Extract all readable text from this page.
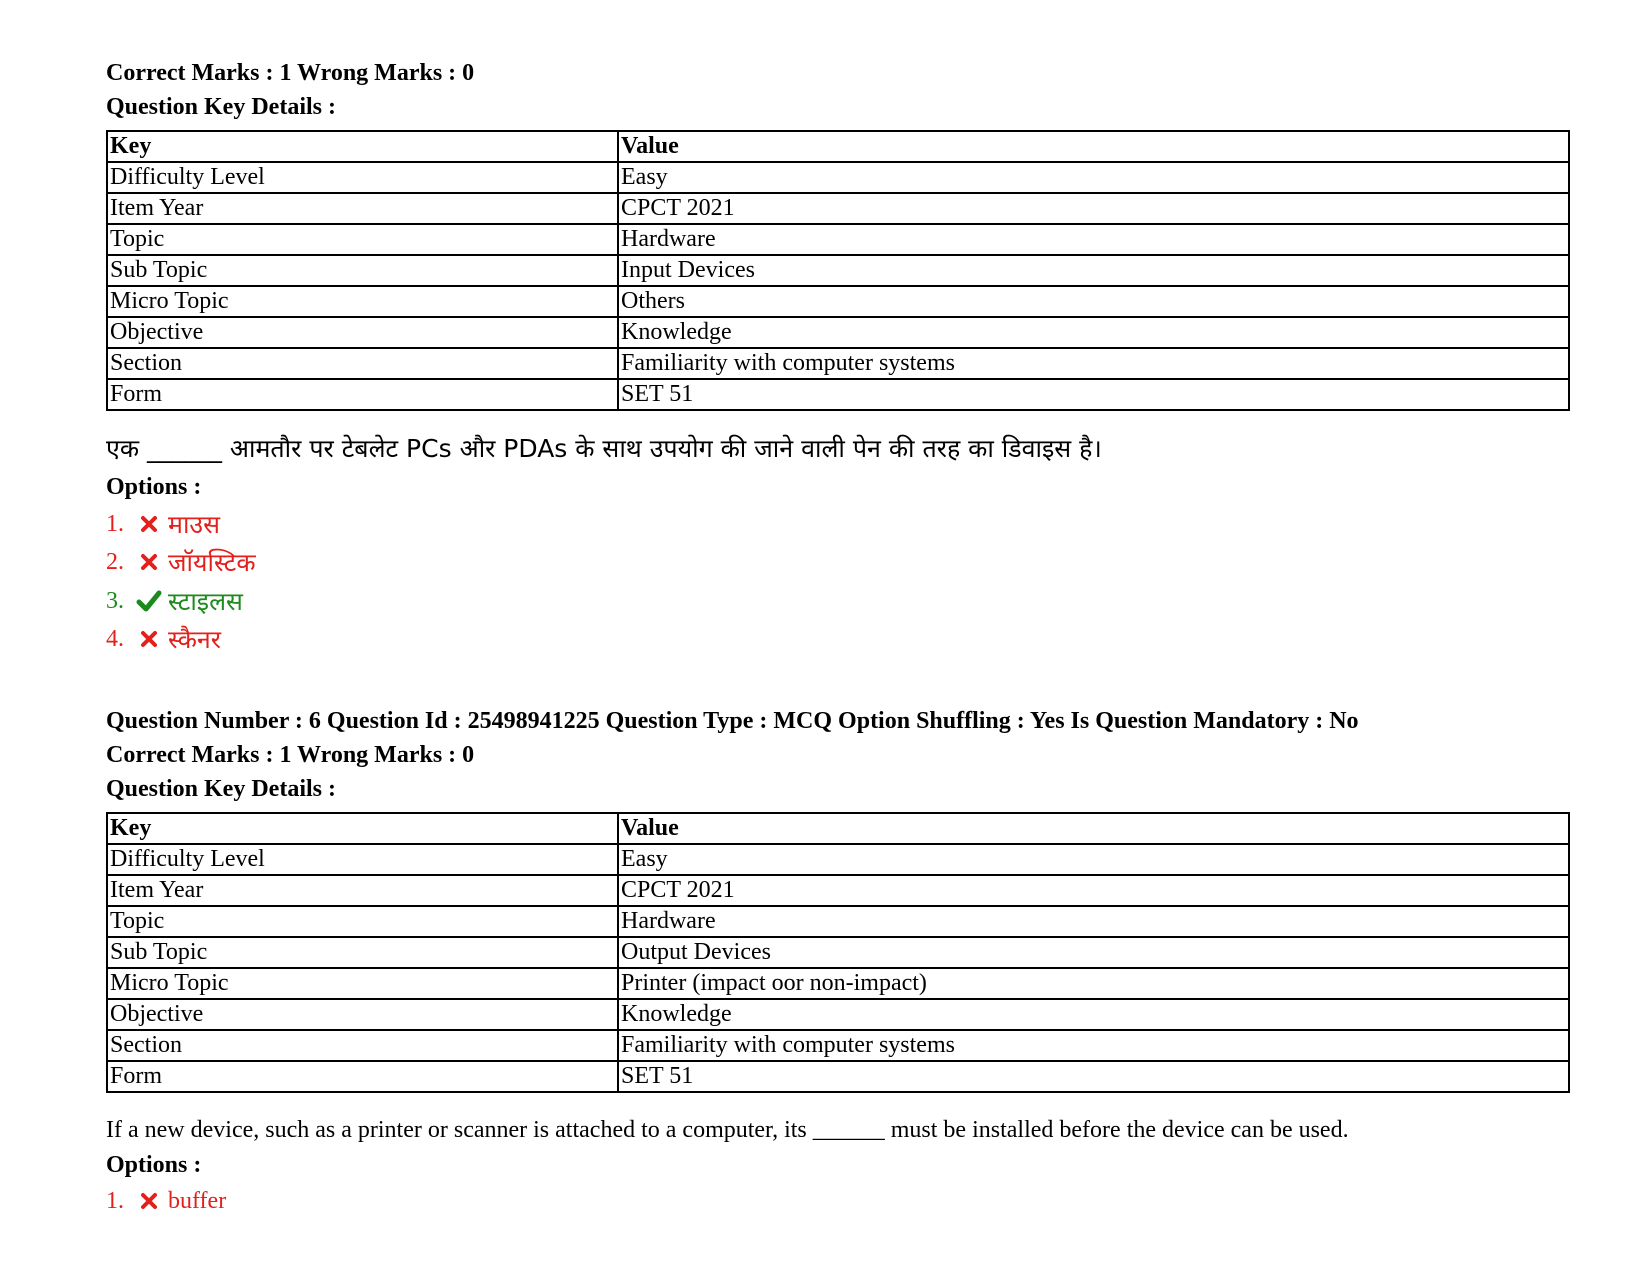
Correct Marks : 1 Wrong Marks : 0
Question Key Details :
Key	Value
Difficulty Level	Easy
Item Year	CPCT 2021
Topic	Hardware
Sub Topic	Input Devices
Micro Topic	Others
Objective	Knowledge
Section	Familiarity with computer systems
Form	SET 51
एक ______ आमतौर पर टेबलेट PCs और PDAs के साथ उपयोग की जाने वाली पेन की तरह का डिवाइस है।
Options :
1.	माउस
2.	जॉयस्टिक
3.	स्टाइलस
4.	स्कैनर
Question Number : 6 Question Id : 25498941225 Question Type : MCQ Option Shuffling : Yes Is Question Mandatory : No
Correct Marks : 1 Wrong Marks : 0
Question Key Details :
Key	Value
Difficulty Level	Easy
Item Year	CPCT 2021
Topic	Hardware
Sub Topic	Output Devices
Micro Topic	Printer (impact oor non-impact)
Objective	Knowledge
Section	Familiarity with computer systems
Form	SET 51
If a new device, such as a printer or scanner is attached to a computer, its ______ must be installed before the device can be used.
Options :
1.	buffer
